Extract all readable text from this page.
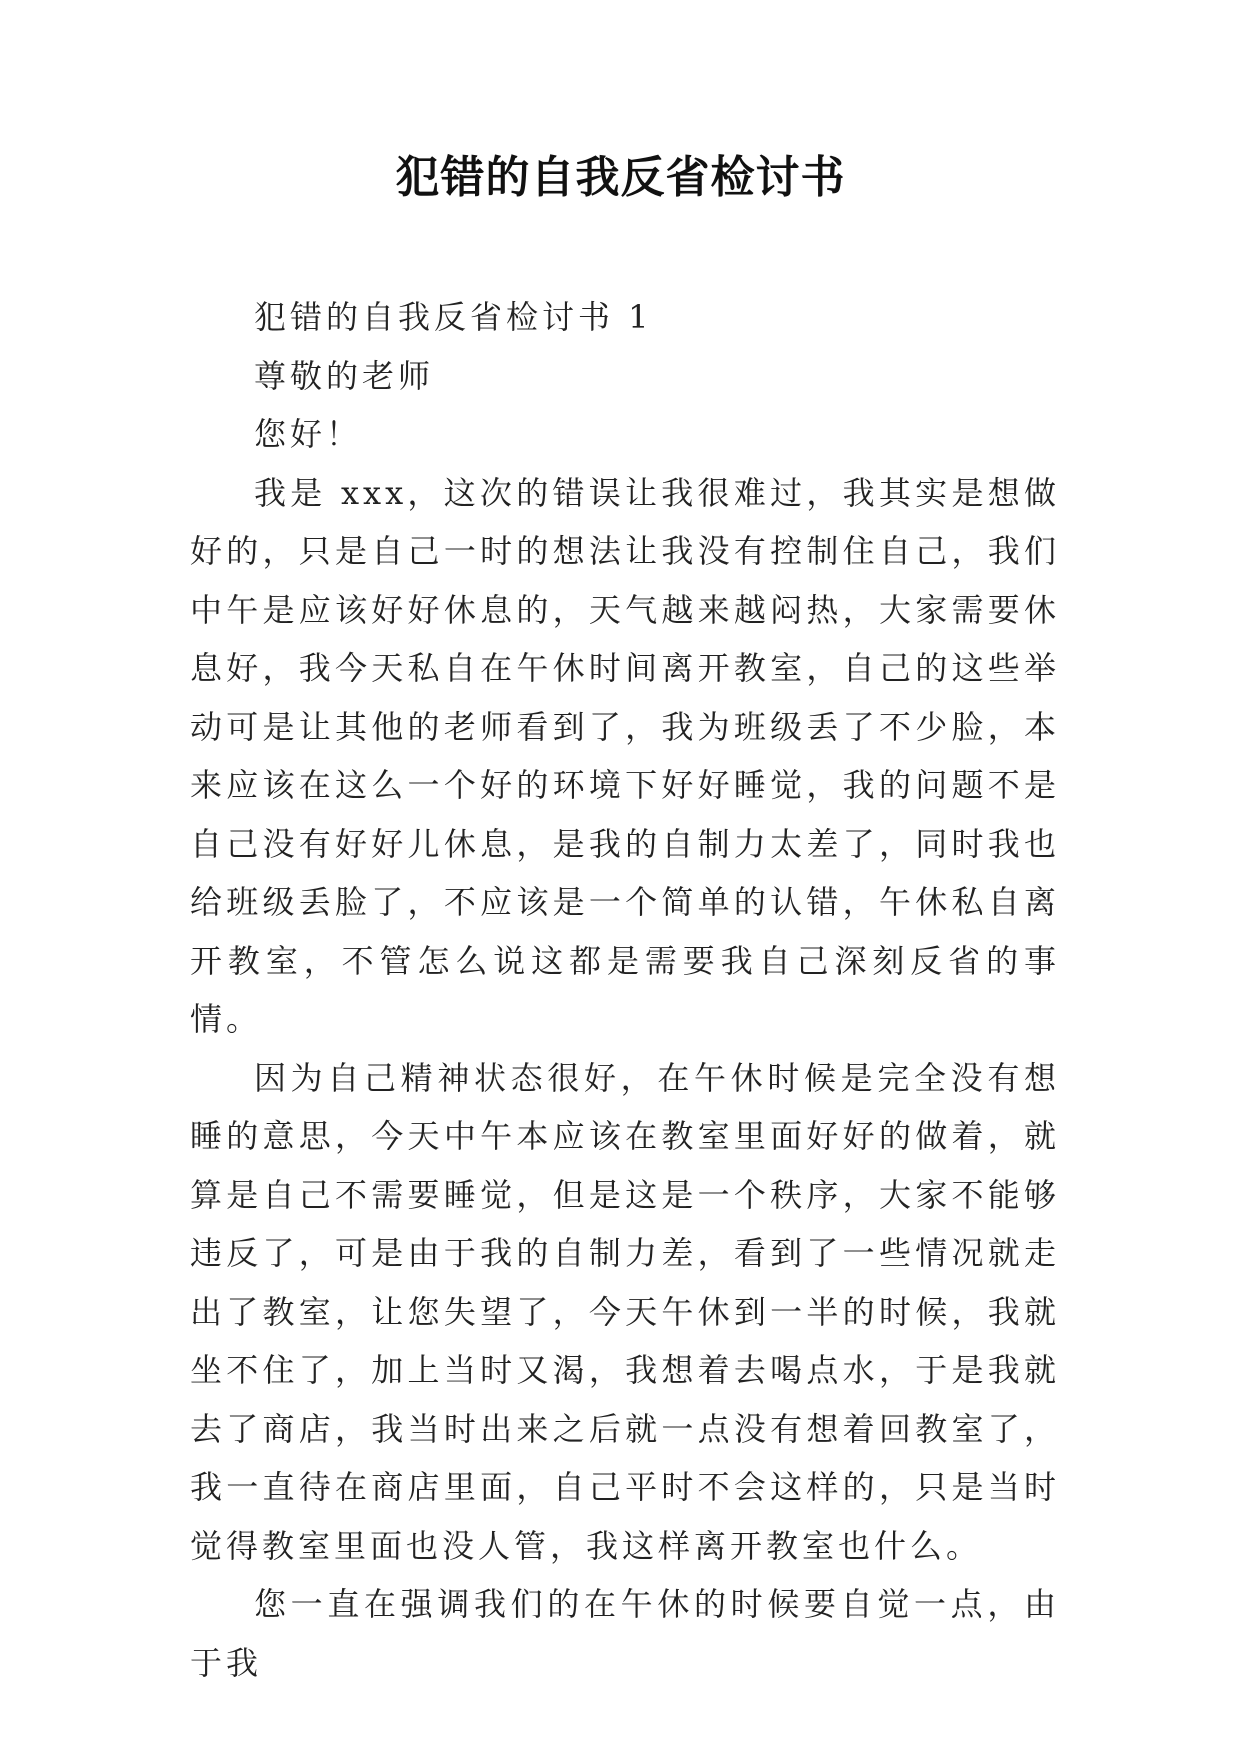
犯错的自我反省检讨书

犯错的自我反省检讨书 1

尊敬的老师

您好！

我是 xxx，这次的错误让我很难过，我其实是想做好的，只是自己一时的想法让我没有控制住自己，我们中午是应该好好休息的，天气越来越闷热，大家需要休息好，我今天私自在午休时间离开教室，自己的这些举动可是让其他的老师看到了，我为班级丢了不少脸，本来应该在这么一个好的环境下好好睡觉，我的问题不是自己没有好好儿休息，是我的自制力太差了，同时我也给班级丢脸了，不应该是一个简单的认错，午休私自离开教室，不管怎么说这都是需要我自己深刻反省的事情。

因为自己精神状态很好，在午休时候是完全没有想睡的意思，今天中午本应该在教室里面好好的做着，就算是自己不需要睡觉，但是这是一个秩序，大家不能够违反了，可是由于我的自制力差，看到了一些情况就走出了教室，让您失望了，今天午休到一半的时候，我就坐不住了，加上当时又渴，我想着去喝点水，于是我就去了商店，我当时出来之后就一点没有想着回教室了，我一直待在商店里面，自己平时不会这样的，只是当时觉得教室里面也没人管，我这样离开教室也什么。

您一直在强调我们的在午休的时候要自觉一点，由于我
